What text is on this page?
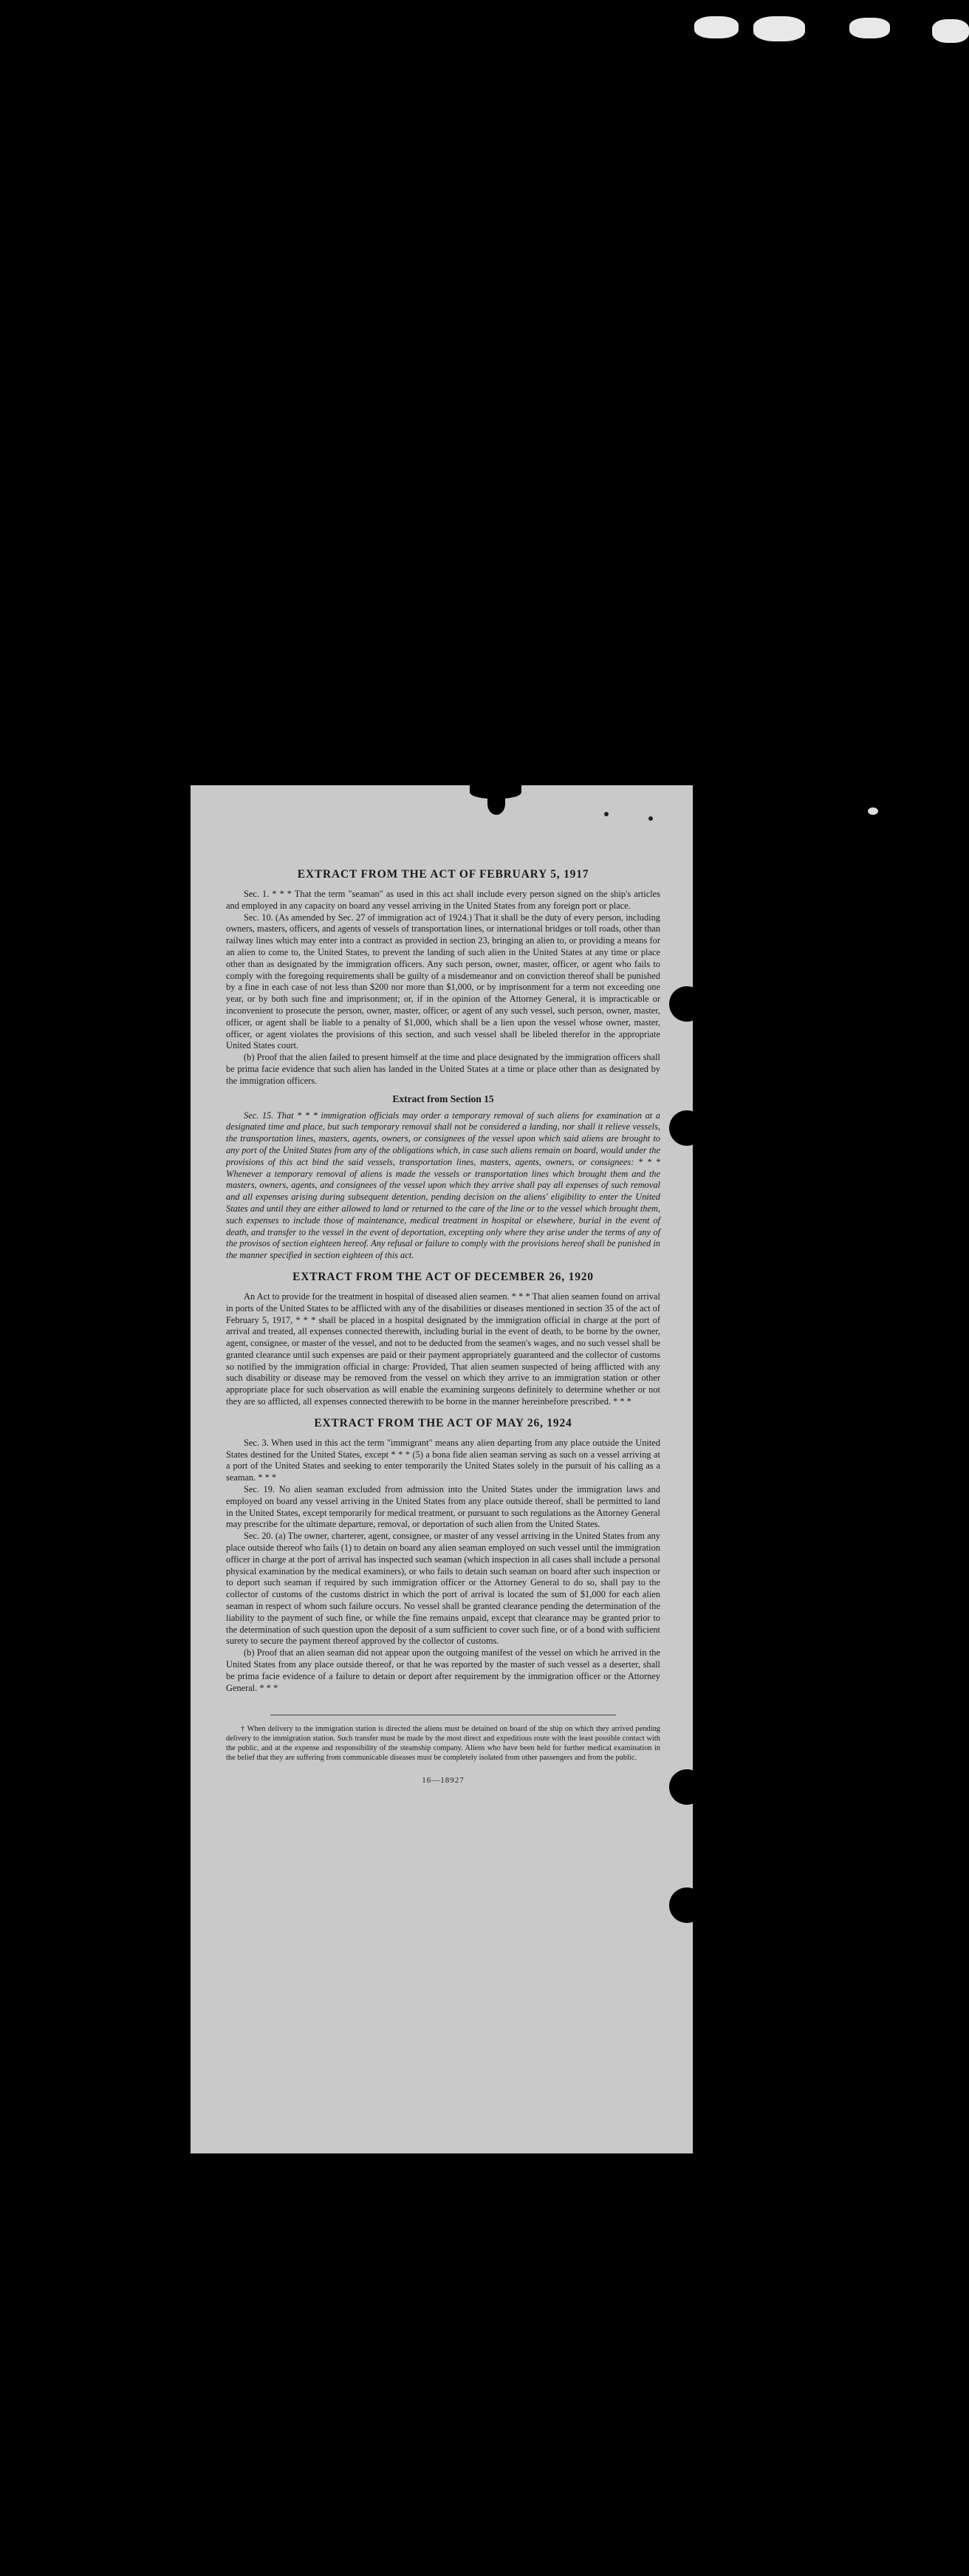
EXTRACT FROM THE ACT OF FEBRUARY 5, 1917

Sec. 1. * * * That the term "seaman" as used in this act shall include every person signed on the ship's articles and employed in any capacity on board any vessel arriving in the United States from any foreign port or place.

Sec. 10. (As amended by Sec. 27 of immigration act of 1924.) That it shall be the duty of every person, including owners, masters, officers, and agents of vessels of transportation lines, or international bridges or toll roads, other than railway lines which may enter into a contract as provided in section 23, bringing an alien to, or providing a means for an alien to come to, the United States, to prevent the landing of such alien in the United States at any time or place other than as designated by the immigration officers. Any such person, owner, master, officer, or agent who fails to comply with the foregoing requirements shall be guilty of a misdemeanor and on conviction thereof shall be punished by a fine in each case of not less than $200 nor more than $1,000, or by imprisonment for a term not exceeding one year, or by both such fine and imprisonment; or, if in the opinion of the Attorney General, it is impracticable or inconvenient to prosecute the person, owner, master, officer, or agent of any such vessel, such person, owner, master, officer, or agent shall be liable to a penalty of $1,000, which shall be a lien upon the vessel whose owner, master, officer, or agent violates the provisions of this section, and such vessel shall be libeled therefor in the appropriate United States court.

(b) Proof that the alien failed to present himself at the time and place designated by the immigration officers shall be prima facie evidence that such alien has landed in the United States at a time or place other than as designated by the immigration officers.

Extract from Section 15

Sec. 15. That * * * immigration officials may order a temporary removal of such aliens for examination at a designated time and place, but such temporary removal shall not be considered a landing, nor shall it relieve vessels, the transportation lines, masters, agents, owners, or consignees of the vessel upon which said aliens are brought to any port of the United States from any of the obligations which, in case such aliens remain on board, would under the provisions of this act bind the said vessels, transportation lines, masters, agents, owners, or consignees: * * * Whenever a temporary removal of aliens is made the vessels or transportation lines which brought them and the masters, owners, agents, and consignees of the vessel upon which they arrive shall pay all expenses of such removal and all expenses arising during subsequent detention, pending decision on the aliens' eligibility to enter the United States and until they are either allowed to land or returned to the care of the line or to the vessel which brought them, such expenses to include those of maintenance, medical treatment in hospital or elsewhere, burial in the event of death, and transfer to the vessel in the event of deportation, excepting only where they arise under the terms of any of the provisos of section eighteen hereof. Any refusal or failure to comply with the provisions hereof shall be punished in the manner specified in section eighteen of this act.

EXTRACT FROM THE ACT OF DECEMBER 26, 1920

An Act to provide for the treatment in hospital of diseased alien seamen. * * * That alien seamen found on arrival in ports of the United States to be afflicted with any of the disabilities or diseases mentioned in section 35 of the act of February 5, 1917, * * * shall be placed in a hospital designated by the immigration official in charge at the port of arrival and treated, all expenses connected therewith, including burial in the event of death, to be borne by the owner, agent, consignee, or master of the vessel, and not to be deducted from the seamen's wages, and no such vessel shall be granted clearance until such expenses are paid or their payment appropriately guaranteed and the collector of customs so notified by the immigration official in charge: Provided, That alien seamen suspected of being afflicted with any such disability or disease may be removed from the vessel on which they arrive to an immigration station or other appropriate place for such observation as will enable the examining surgeons definitely to determine whether or not they are so afflicted, all expenses connected therewith to be borne in the manner hereinbefore prescribed. * * *

EXTRACT FROM THE ACT OF MAY 26, 1924

Sec. 3. When used in this act the term "immigrant" means any alien departing from any place outside the United States destined for the United States, except * * * (5) a bona fide alien seaman serving as such on a vessel arriving at a port of the United States and seeking to enter temporarily the United States solely in the pursuit of his calling as a seaman. * * *

Sec. 19. No alien seaman excluded from admission into the United States under the immigration laws and employed on board any vessel arriving in the United States from any place outside thereof, shall be permitted to land in the United States, except temporarily for medical treatment, or pursuant to such regulations as the Attorney General may prescribe for the ultimate departure, removal, or deportation of such alien from the United States.

Sec. 20. (a) The owner, charterer, agent, consignee, or master of any vessel arriving in the United States from any place outside thereof who fails (1) to detain on board any alien seaman employed on such vessel until the immigration officer in charge at the port of arrival has inspected such seaman (which inspection in all cases shall include a personal physical examination by the medical examiners), or who fails to detain such seaman on board after such inspection or to deport such seaman if required by such immigration officer or the Attorney General to do so, shall pay to the collector of customs of the customs district in which the port of arrival is located the sum of $1,000 for each alien seaman in respect of whom such failure occurs. No vessel shall be granted clearance pending the determination of the liability to the payment of such fine, or while the fine remains unpaid, except that clearance may be granted prior to the determination of such question upon the deposit of a sum sufficient to cover such fine, or of a bond with sufficient surety to secure the payment thereof approved by the collector of customs.

(b) Proof that an alien seaman did not appear upon the outgoing manifest of the vessel on which he arrived in the United States from any place outside thereof, or that he was reported by the master of such vessel as a deserter, shall be prima facie evidence of a failure to detain or deport after requirement by the immigration officer or the Attorney General. * * *

† When delivery to the immigration station is directed the aliens must be detained on board of the ship on which they arrived pending delivery to the immigration station. Such transfer must be made by the most direct and expeditious route with the least possible contact with the public, and at the expense and responsibility of the steamship company. Aliens who have been held for further medical examination in the belief that they are suffering from communicable diseases must be completely isolated from other passengers and from the public.

16—18927
